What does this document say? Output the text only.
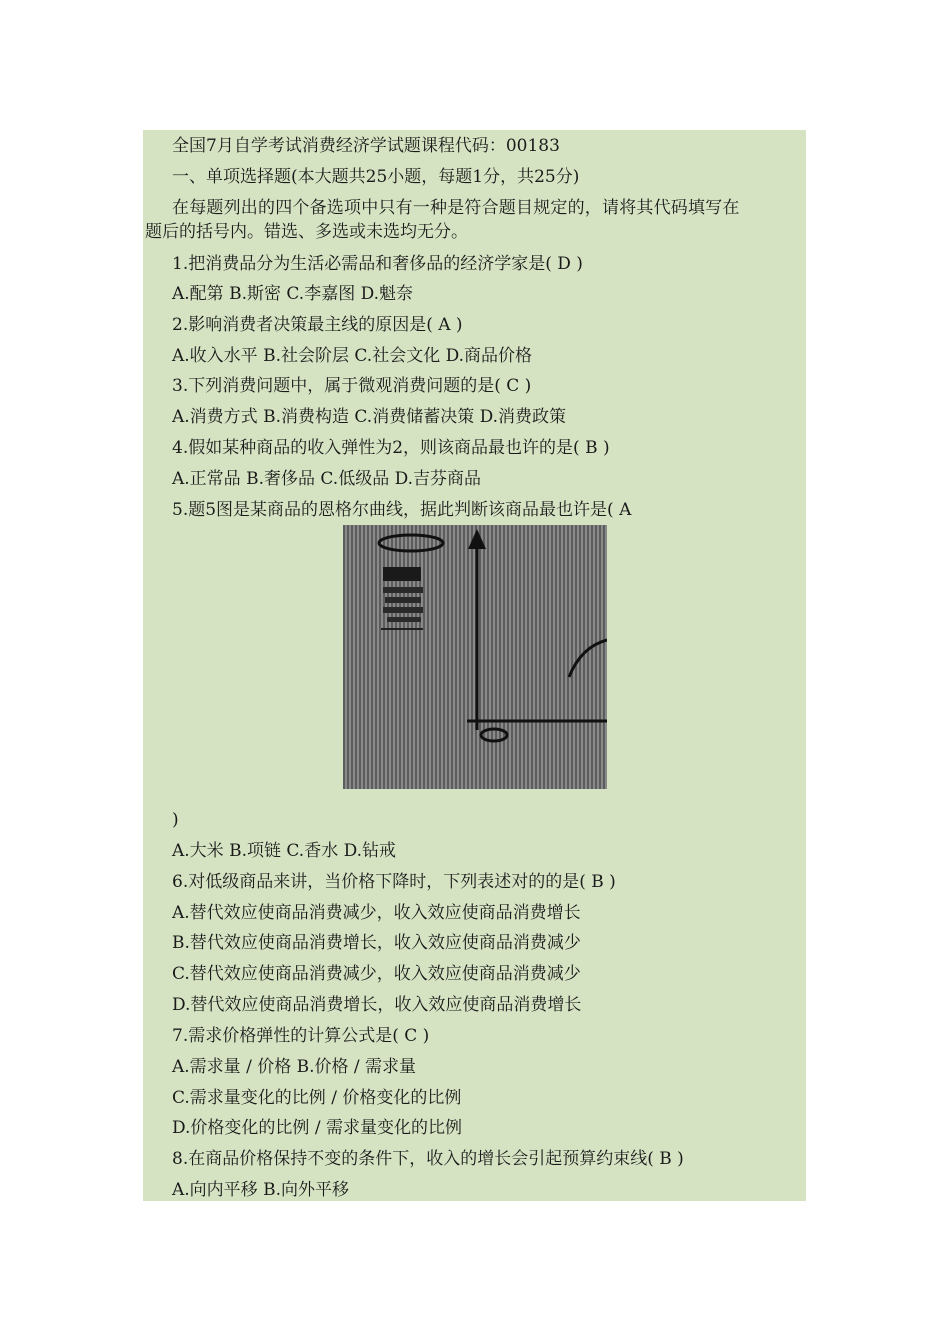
全国7月自学考试消费经济学试题课程代码：00183
一、单项选择题(本大题共25小题，每题1分，共25分)
在每题列出的四个备选项中只有一种是符合题目规定的，请将其代码填写在
题后的括号内。错选、多选或未选均无分。
1.把消费品分为生活必需品和奢侈品的经济学家是( D )
A.配第 B.斯密 C.李嘉图 D.魁奈
2.影响消费者决策最主线的原因是( A )
A.收入水平 B.社会阶层 C.社会文化 D.商品价格
3.下列消费问题中，属于微观消费问题的是( C )
A.消费方式 B.消费构造 C.消费储蓄决策 D.消费政策
4.假如某种商品的收入弹性为2，则该商品最也许的是( B )
A.正常品 B.奢侈品 C.低级品 D.吉芬商品
5.题5图是某商品的恩格尔曲线，据此判断该商品最也许是( A
)
A.大米 B.项链 C.香水 D.钻戒
6.对低级商品来讲，当价格下降时，下列表述对的的是( B )
A.替代效应使商品消费减少，收入效应使商品消费增长
B.替代效应使商品消费增长，收入效应使商品消费减少
C.替代效应使商品消费减少，收入效应使商品消费减少
D.替代效应使商品消费增长，收入效应使商品消费增长
7.需求价格弹性的计算公式是( C )
A.需求量 / 价格 B.价格 / 需求量
C.需求量变化的比例 / 价格变化的比例
D.价格变化的比例 / 需求量变化的比例
8.在商品价格保持不变的条件下，收入的增长会引起预算约束线( B )
A.向内平移 B.向外平移
